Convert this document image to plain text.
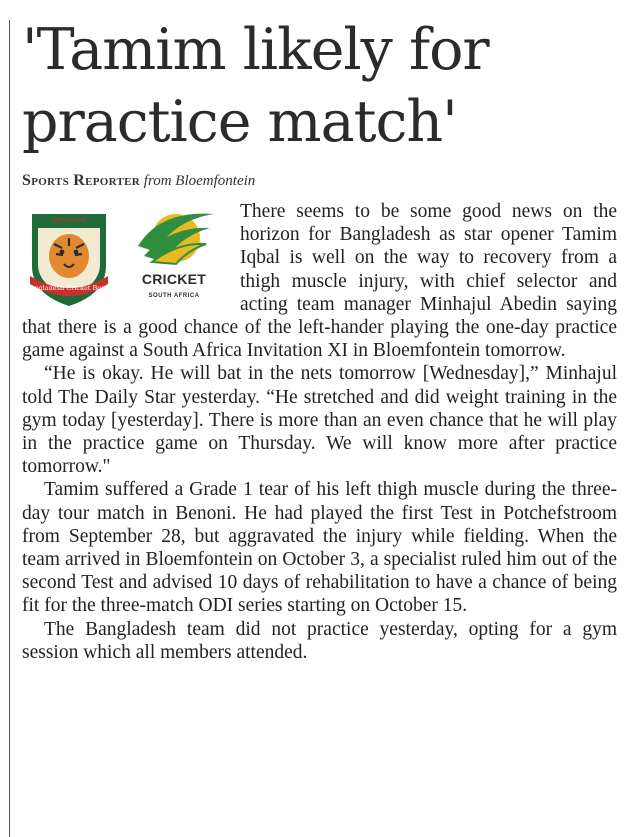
'Tamim likely for practice match'
Sports Reporter from Bloemfontein
বাংলাদেশ
Bangladesh Cricket Board
CRICKET
SOUTH AFRICA

There seems to be some good news on the horizon for Bangladesh as star opener Tamim Iqbal is well on the way to recovery from a thigh muscle injury, with chief selector and acting team manager Minhajul Abedin saying that there is a good chance of the left-hander playing the one-day practice game against a South Africa Invitation XI in Bloemfontein tomorrow.

“He is okay. He will bat in the nets tomorrow [Wednesday],” Minhajul told The Daily Star yesterday. “He stretched and did weight training in the gym today [yesterday]. There is more than an even chance that he will play in the practice game on Thursday. We will know more after practice tomorrow."

Tamim suffered a Grade 1 tear of his left thigh muscle during the three-day tour match in Benoni. He had played the first Test in Potchefstroom from September 28, but aggravated the injury while fielding. When the team arrived in Bloemfontein on October 3, a specialist ruled him out of the second Test and advised 10 days of rehabilitation to have a chance of being fit for the three-match ODI series starting on October 15.

The Bangladesh team did not practice yesterday, opting for a gym session which all members attended.
